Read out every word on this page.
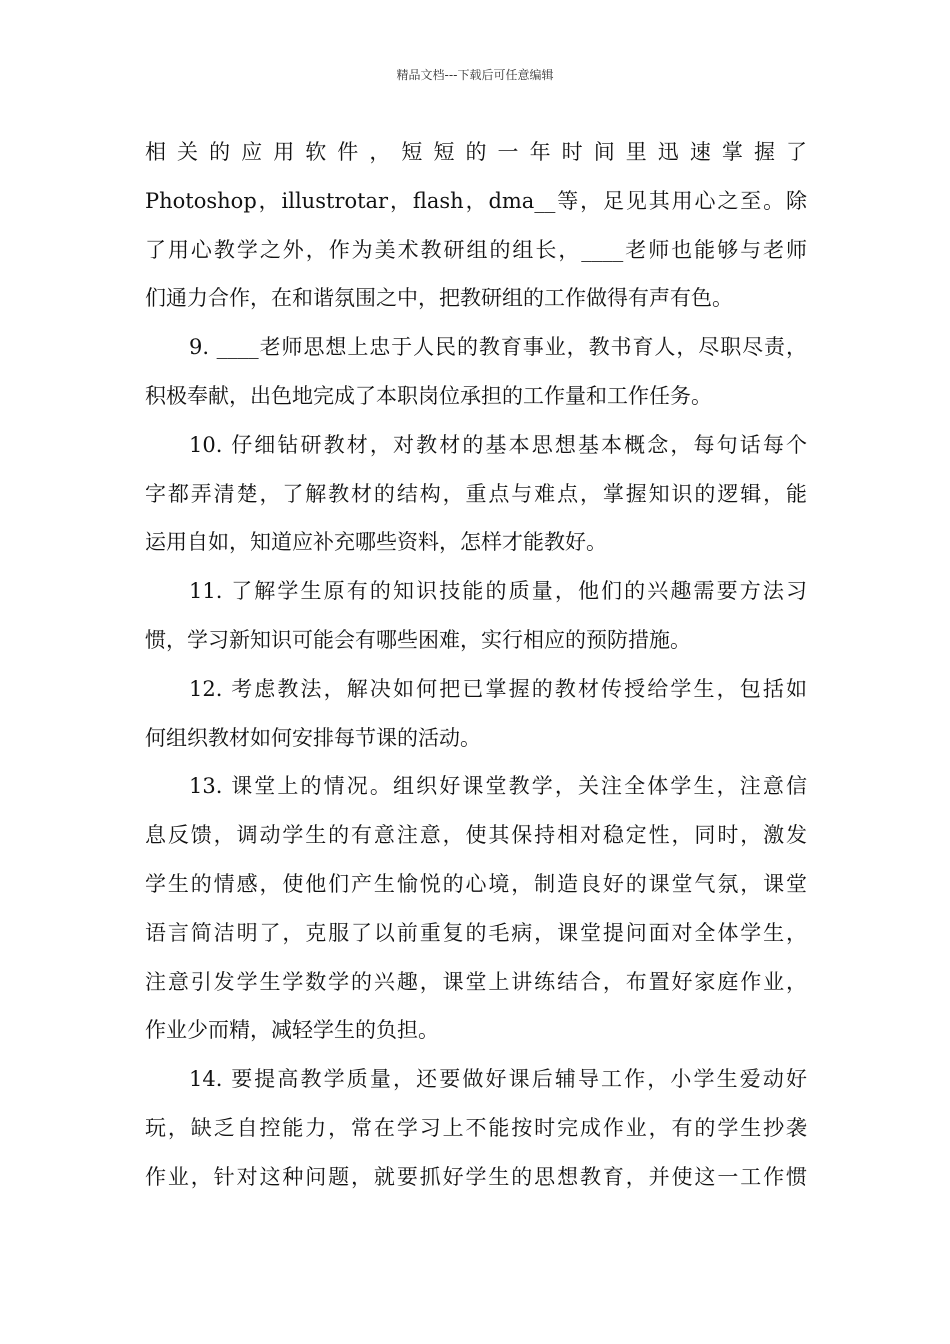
精品文档---下载后可任意编辑
相 关 的 应 用 软 件 ， 短 短 的 一 年 时 间 里 迅 速 掌 握 了
Photoshop，illustrotar，flash，dma__等，足见其用心之至。除
了用心教学之外，作为美术教研组的组长，____老师也能够与老师
们通力合作，在和谐氛围之中，把教研组的工作做得有声有色。
9. ____老师思想上忠于人民的教育事业，教书育人，尽职尽责，
积极奉献，出色地完成了本职岗位承担的工作量和工作任务。
10. 仔细钻研教材，对教材的基本思想基本概念，每句话每个
字都弄清楚，了解教材的结构，重点与难点，掌握知识的逻辑，能
运用自如，知道应补充哪些资料，怎样才能教好。
11. 了解学生原有的知识技能的质量，他们的兴趣需要方法习
惯，学习新知识可能会有哪些困难，实行相应的预防措施。
12. 考虑教法，解决如何把已掌握的教材传授给学生，包括如
何组织教材如何安排每节课的活动。
13. 课堂上的情况。组织好课堂教学，关注全体学生，注意信
息反馈，调动学生的有意注意，使其保持相对稳定性，同时，激发
学生的情感，使他们产生愉悦的心境，制造良好的课堂气氛，课堂
语言简洁明了，克服了以前重复的毛病，课堂提问面对全体学生，
注意引发学生学数学的兴趣，课堂上讲练结合，布置好家庭作业，
作业少而精，减轻学生的负担。
14. 要提高教学质量，还要做好课后辅导工作，小学生爱动好
玩，缺乏自控能力，常在学习上不能按时完成作业，有的学生抄袭
作业，针对这种问题，就要抓好学生的思想教育，并使这一工作惯
